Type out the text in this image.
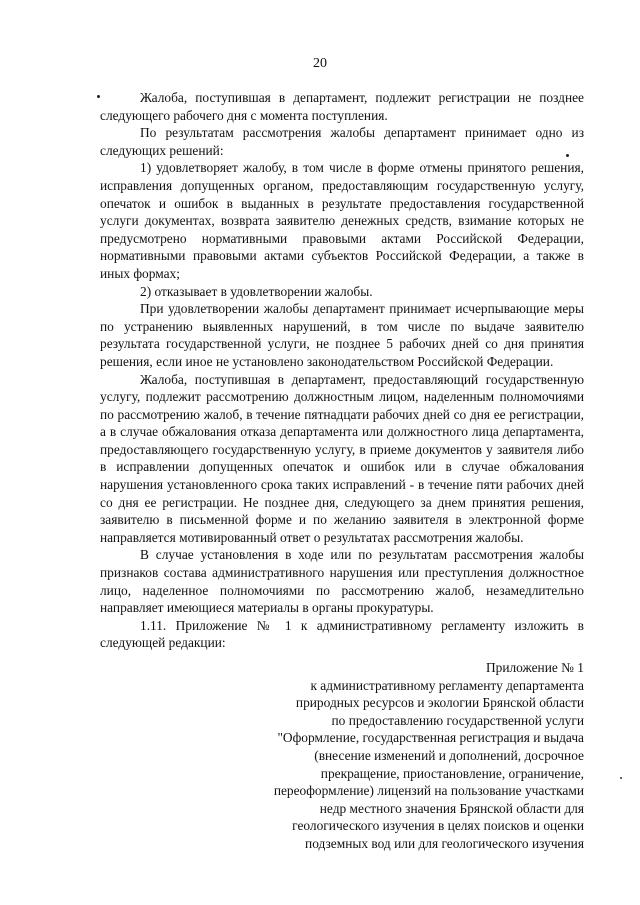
20

Жалоба, поступившая в департамент, подлежит регистрации не позднее следующего рабочего дня с момента поступления.

По результатам рассмотрения жалобы департамент принимает одно из следующих решений:

1) удовлетворяет жалобу, в том числе в форме отмены принятого решения, исправления допущенных органом, предоставляющим государственную услугу, опечаток и ошибок в выданных в результате предоставления государственной услуги документах, возврата заявителю денежных средств, взимание которых не предусмотрено нормативными правовыми актами Российской Федерации, нормативными правовыми актами субъектов Российской Федерации, а также в иных формах;

2) отказывает в удовлетворении жалобы.

При удовлетворении жалобы департамент принимает исчерпывающие меры по устранению выявленных нарушений, в том числе по выдаче заявителю результата государственной услуги, не позднее 5 рабочих дней со дня принятия решения, если иное не установлено законодательством Российской Федерации.

Жалоба, поступившая в департамент, предоставляющий государственную услугу, подлежит рассмотрению должностным лицом, наделенным полномочиями по рассмотрению жалоб, в течение пятнадцати рабочих дней со дня ее регистрации, а в случае обжалования отказа департамента или должностного лица департамента, предоставляющего государственную услугу, в приеме документов у заявителя либо в исправлении допущенных опечаток и ошибок или в случае обжалования нарушения установленного срока таких исправлений - в течение пяти рабочих дней со дня ее регистрации. Не позднее дня, следующего за днем принятия решения, заявителю в письменной форме и по желанию заявителя в электронной форме направляется мотивированный ответ о результатах рассмотрения жалобы.

В случае установления в ходе или по результатам рассмотрения жалобы признаков состава административного нарушения или преступления должностное лицо, наделенное полномочиями по рассмотрению жалоб, незамедлительно направляет имеющиеся материалы в органы прокуратуры.

1.11. Приложение № 1 к административному регламенту изложить в следующей редакции:

Приложение № 1

к административному регламенту департамента

природных ресурсов и экологии Брянской области

по предоставлению государственной услуги

"Оформление, государственная регистрация и выдача

(внесение изменений и дополнений, досрочное

прекращение, приостановление, ограничение,

переоформление) лицензий на пользование участками

недр местного значения Брянской области для

геологического изучения в целях поисков и оценки

подземных вод или для геологического изучения
